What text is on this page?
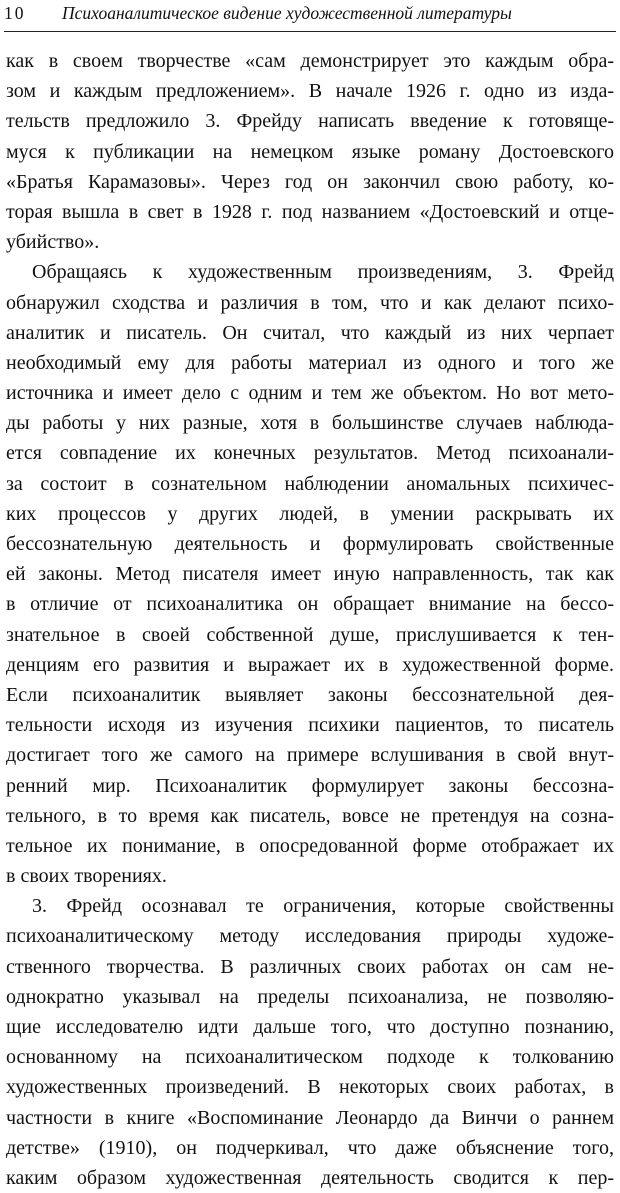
10 Психоаналитическое видение художественной литературы
как в своем творчестве «сам демонстрирует это каждым обра-
зом и каждым предложением». В начале 1926 г. одно из изда-
тельств предложило 3. Фрейду написать введение к готовяще-
муся к публикации на немецком языке роману Достоевского
«Братья Карамазовы». Через год он закончил свою работу, ко-
торая вышла в свет в 1928 г. под названием «Достоевский и отце-
убийство».
Обращаясь к художественным произведениям, 3. Фрейд
обнаружил сходства и различия в том, что и как делают психо-
аналитик и писатель. Он считал, что каждый из них черпает
необходимый ему для работы материал из одного и того же
источника и имеет дело с одним и тем же объектом. Но вот мето-
ды работы у них разные, хотя в большинстве случаев наблюда-
ется совпадение их конечных результатов. Метод психоанали-
за состоит в сознательном наблюдении аномальных психичес-
ких процессов у других людей, в умении раскрывать их
бессознательную деятельность и формулировать свойственные
ей законы. Метод писателя имеет иную направленность, так как
в отличие от психоаналитика он обращает внимание на бессо-
знательное в своей собственной душе, прислушивается к тен-
денциям его развития и выражает их в художественной форме.
Если психоаналитик выявляет законы бессознательной дея-
тельности исходя из изучения психики пациентов, то писатель
достигает того же самого на примере вслушивания в свой внут-
ренний мир. Психоаналитик формулирует законы бессозна-
тельного, в то время как писатель, вовсе не претендуя на созна-
тельное их понимание, в опосредованной форме отображает их
в своих творениях.
3. Фрейд осознавал те ограничения, которые свойственны
психоаналитическому методу исследования природы художе-
ственного творчества. В различных своих работах он сам не-
однократно указывал на пределы психоанализа, не позволяю-
щие исследователю идти дальше того, что доступно познанию,
основанному на психоаналитическом подходе к толкованию
художественных произведений. В некоторых своих работах, в
частности в книге «Воспоминание Леонардо да Винчи о раннем
детстве» (1910), он подчеркивал, что даже объяснение того,
каким образом художественная деятельность сводится к пер-
